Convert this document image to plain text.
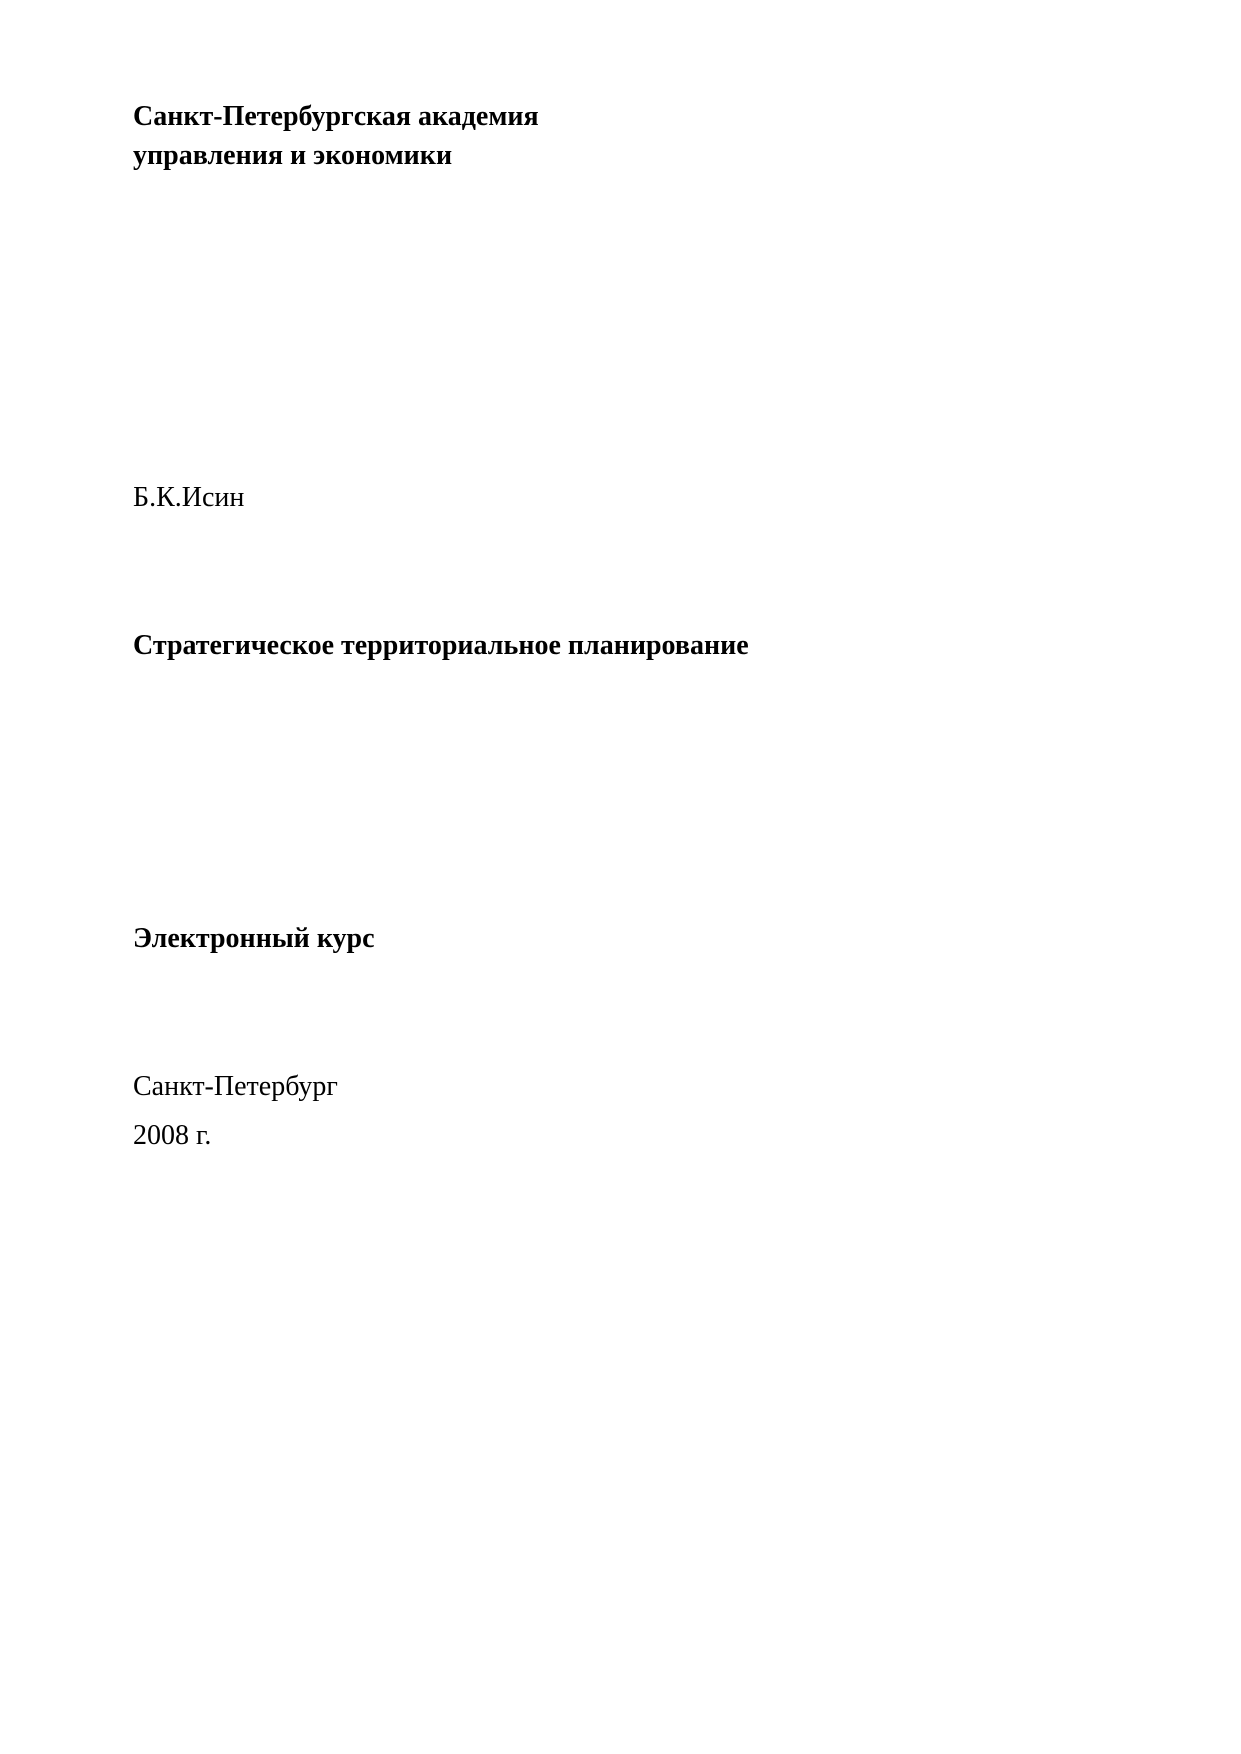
Санкт-Петербургская академия

управления и экономики

Б.К.Исин

Стратегическое территориальное планирование

Электронный курс

Санкт-Петербург

2008 г.
